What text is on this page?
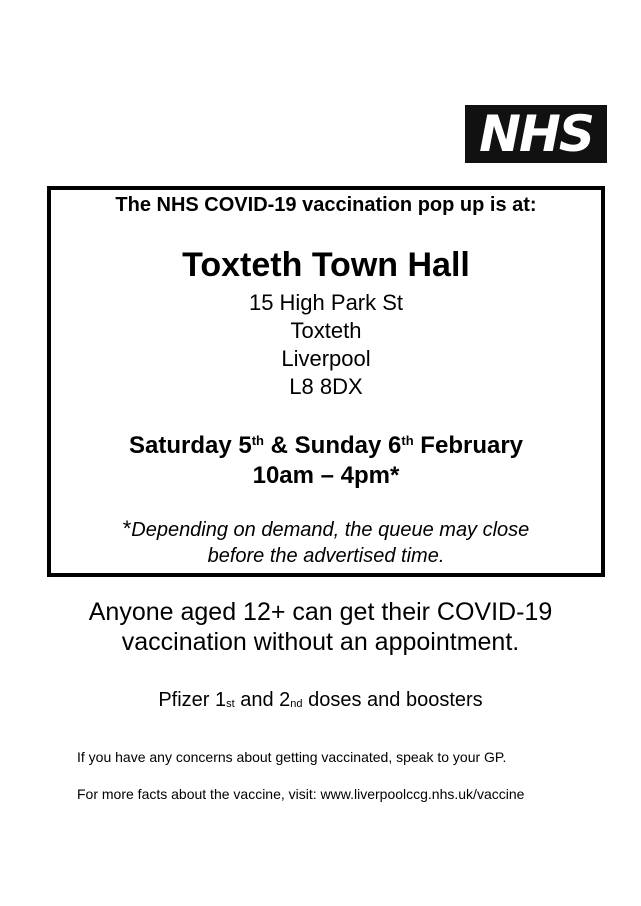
NHS
The NHS COVID-19 vaccination pop up is at:
Toxteth Town Hall
15 High Park St
Toxteth
Liverpool
L8 8DX
Saturday 5th & Sunday 6th February
10am – 4pm*
*Depending on demand, the queue may close
before the advertised time.
Anyone aged 12+ can get their COVID-19
vaccination without an appointment.
Pfizer $1_{st}$ and $2_{nd}$ doses and boosters
If you have any concerns about getting vaccinated, speak to your GP.
For more facts about the vaccine, visit: www.liverpoolccg.nhs.uk/vaccine
